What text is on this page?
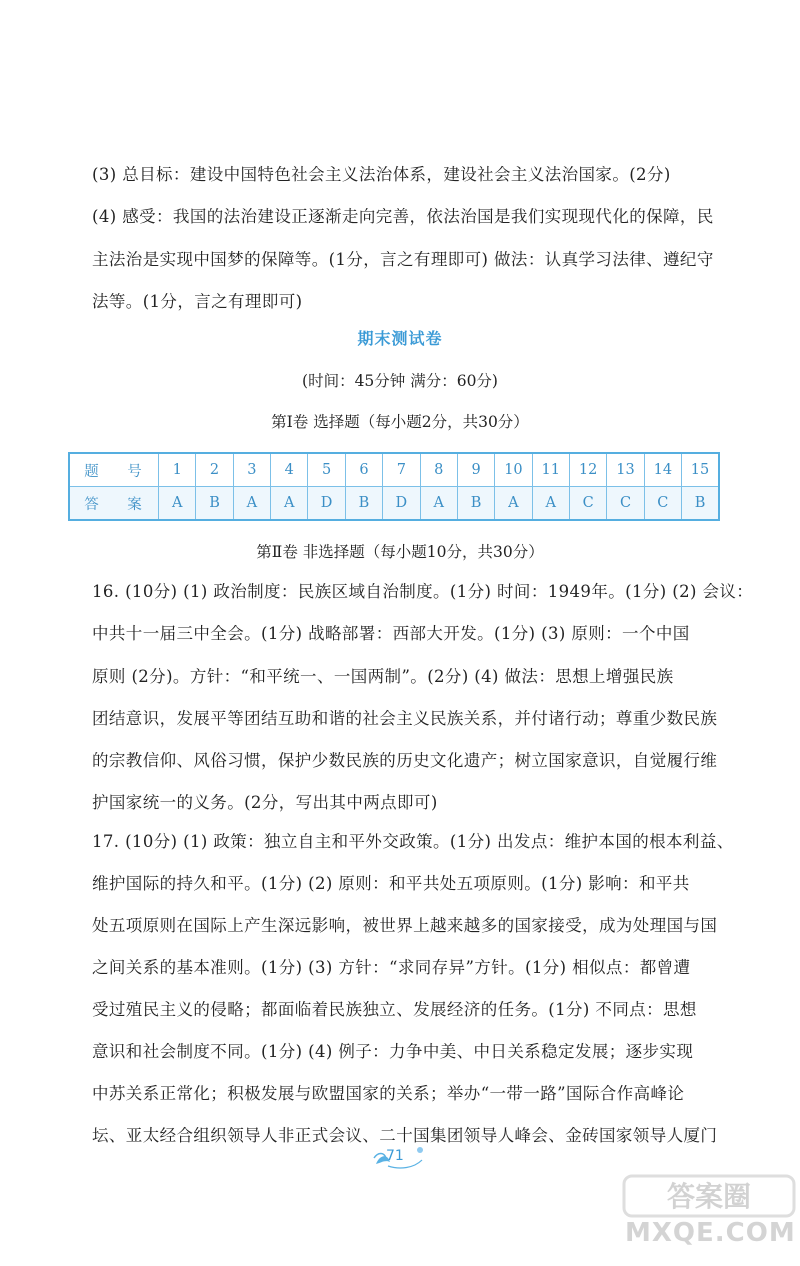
(3) 总目标：建设中国特色社会主义法治体系，建设社会主义法治国家。(2分)
(4) 感受：我国的法治建设正逐渐走向完善，依法治国是我们实现现代化的保障，民
主法治是实现中国梦的保障等。(1分，言之有理即可) 做法：认真学习法律、遵纪守
法等。(1分，言之有理即可)
期末测试卷
(时间：45分钟 满分：60分)
第Ⅰ卷 选择题（每小题2分，共30分）
题 号	1	2	3	4	5	6	7	8	9	10	11	12	13	14	15
答 案	A	B	A	A	D	B	D	A	B	A	A	C	C	C	B
第Ⅱ卷 非选择题（每小题10分，共30分）
16. (10分) (1) 政治制度：民族区域自治制度。(1分) 时间：1949年。(1分) (2) 会议：
中共十一届三中全会。(1分) 战略部署：西部大开发。(1分) (3) 原则：一个中国
原则 (2分)。方针：“和平统一、一国两制”。(2分) (4) 做法：思想上增强民族
团结意识，发展平等团结互助和谐的社会主义民族关系，并付诸行动；尊重少数民族
的宗教信仰、风俗习惯，保护少数民族的历史文化遗产；树立国家意识，自觉履行维
护国家统一的义务。(2分，写出其中两点即可)
17. (10分) (1) 政策：独立自主和平外交政策。(1分) 出发点：维护本国的根本利益、
维护国际的持久和平。(1分) (2) 原则：和平共处五项原则。(1分) 影响：和平共
处五项原则在国际上产生深远影响，被世界上越来越多的国家接受，成为处理国与国
之间关系的基本准则。(1分) (3) 方针：“求同存异”方针。(1分) 相似点：都曾遭
受过殖民主义的侵略；都面临着民族独立、发展经济的任务。(1分) 不同点：思想
意识和社会制度不同。(1分) (4) 例子：力争中美、中日关系稳定发展；逐步实现
中苏关系正常化；积极发展与欧盟国家的关系；举办“一带一路”国际合作高峰论
坛、亚太经合组织领导人非正式会议、二十国集团领导人峰会、金砖国家领导人厦门
71
答案圈
MXQE.COM
